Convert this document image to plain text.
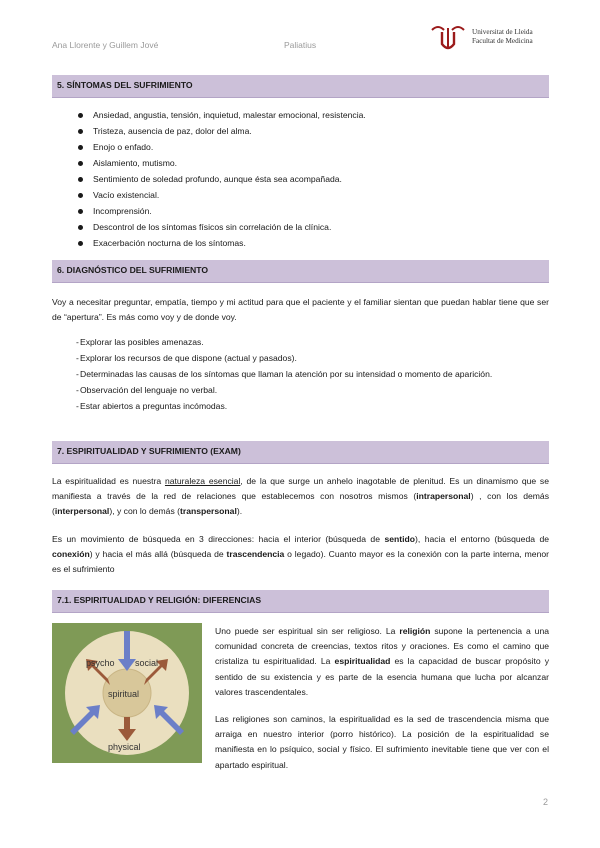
Ana Llorente y Guillem Jové	Paliatius
Universitat de Lleida
Facultat de Medicina
5. SÍNTOMAS DEL SUFRIMIENTO
Ansiedad, angustia, tensión, inquietud, malestar emocional, resistencia.
Tristeza, ausencia de paz, dolor del alma.
Enojo o enfado.
Aislamiento, mutismo.
Sentimiento de soledad profundo, aunque ésta sea acompañada.
Vacío existencial.
Incomprensión.
Descontrol de los síntomas físicos sin correlación de la clínica.
Exacerbación nocturna de los síntomas.
6. DIAGNÓSTICO DEL SUFRIMIENTO

Voy a necesitar preguntar, empatía, tiempo y mi actitud para que el paciente y el familiar sientan que puedan hablar tiene que ser de “apertura”. Es más como voy y de donde voy.

- Explorar las posibles amenazas.
- Explorar los recursos de que dispone (actual y pasados).
- Determinadas las causas de los síntomas que llaman la atención por su intensidad o momento de aparición.
- Observación del lenguaje no verbal.
- Estar abiertos a preguntas incómodas.
7. ESPIRITUALIDAD Y SUFRIMIENTO (EXAM)

La espiritualidad es nuestra naturaleza esencial, de la que surge un anhelo inagotable de plenitud. Es un dinamismo que se manifiesta a través de la red de relaciones que establecemos con nosotros mismos (intrapersonal) , con los demás (interpersonal), y con lo demás (transpersonal).

Es un movimiento de búsqueda en 3 direcciones: hacia el interior (búsqueda de sentido), hacia el entorno (búsqueda de conexión) y hacia el más allá (búsqueda de trascendencia o legado). Cuanto mayor es la conexión con la parte interna, menor es el sufrimiento

7.1. ESPIRITUALIDAD Y RELIGIÓN: DIFERENCIAS
psycho social
spiritual
physical

Uno puede ser espiritual sin ser religioso. La religión supone la pertenencia a una comunidad concreta de creencias, textos ritos y oraciones. Es como el camino que cristaliza tu espiritualidad. La espiritualidad es la capacidad de buscar propósito y sentido de su existencia y es parte de la esencia humana que lucha por alcanzar valores trascendentales.

Las religiones son caminos, la espiritualidad es la sed de trascendencia misma que arraiga en nuestro interior (porro histórico). La posición de la espiritualidad se manifiesta en lo psíquico, social y físico. El sufrimiento inevitable tiene que ver con el apartado espiritual.

2
